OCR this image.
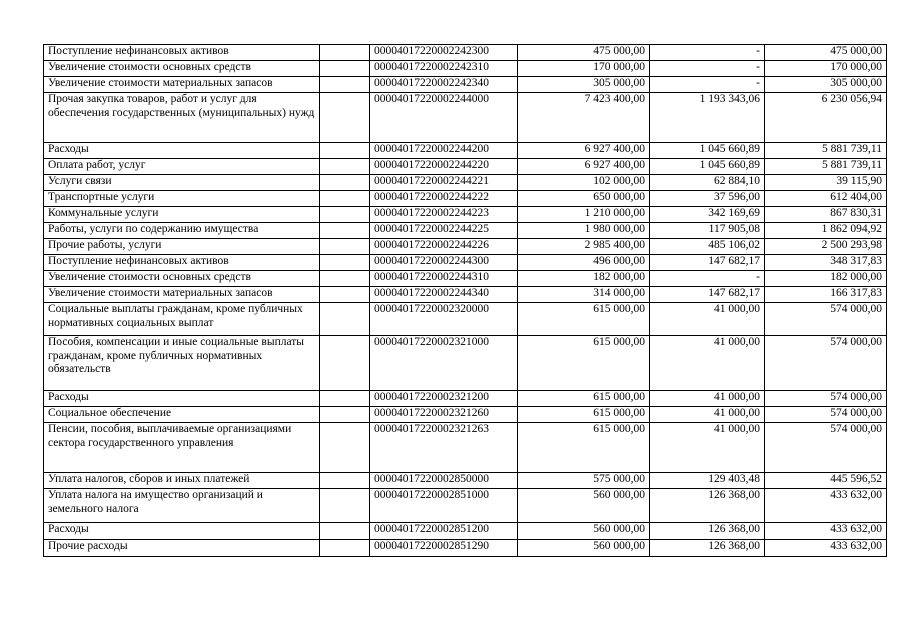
Поступление нефинансовых активов		00004017220002242300	475 000,00	-	475 000,00
Увеличение стоимости основных средств		00004017220002242310	170 000,00	-	170 000,00
Увеличение стоимости материальных запасов		00004017220002242340	305 000,00	-	305 000,00
Прочая закупка товаров, работ и услуг для обеспечения государственных (муниципальных) нужд		00004017220002244000	7 423 400,00	1 193 343,06	6 230 056,94
Расходы		00004017220002244200	6 927 400,00	1 045 660,89	5 881 739,11
Оплата работ, услуг		00004017220002244220	6 927 400,00	1 045 660,89	5 881 739,11
Услуги связи		00004017220002244221	102 000,00	62 884,10	39 115,90
Транспортные услуги		00004017220002244222	650 000,00	37 596,00	612 404,00
Коммунальные услуги		00004017220002244223	1 210 000,00	342 169,69	867 830,31
Работы, услуги по содержанию имущества		00004017220002244225	1 980 000,00	117 905,08	1 862 094,92
Прочие работы, услуги		00004017220002244226	2 985 400,00	485 106,02	2 500 293,98
Поступление нефинансовых активов		00004017220002244300	496 000,00	147 682,17	348 317,83
Увеличение стоимости основных средств		00004017220002244310	182 000,00	-	182 000,00
Увеличение стоимости материальных запасов		00004017220002244340	314 000,00	147 682,17	166 317,83
Социальные выплаты гражданам, кроме публичных нормативных социальных выплат		00004017220002320000	615 000,00	41 000,00	574 000,00
Пособия, компенсации и иные социальные выплаты гражданам, кроме публичных нормативных обязательств		00004017220002321000	615 000,00	41 000,00	574 000,00
Расходы		00004017220002321200	615 000,00	41 000,00	574 000,00
Социальное обеспечение		00004017220002321260	615 000,00	41 000,00	574 000,00
Пенсии, пособия, выплачиваемые организациями сектора государственного управления		00004017220002321263	615 000,00	41 000,00	574 000,00
Уплата налогов, сборов и иных платежей		00004017220002850000	575 000,00	129 403,48	445 596,52
Уплата налога на имущество организаций и земельного налога		00004017220002851000	560 000,00	126 368,00	433 632,00
Расходы		00004017220002851200	560 000,00	126 368,00	433 632,00
Прочие расходы		00004017220002851290	560 000,00	126 368,00	433 632,00
